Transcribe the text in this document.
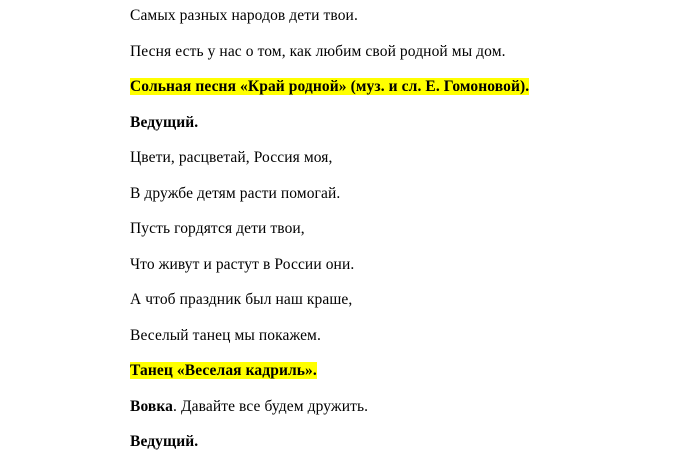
Самых разных народов дети твои.

Песня есть у нас о том, как любим свой родной мы дом.

Сольная песня «Край родной» (муз. и сл. Е. Гомоновой).

Ведущий.

Цвети, расцветай, Россия моя,

В дружбе детям расти помогай.

Пусть гордятся дети твои,

Что живут и растут в России они.

А чтоб праздник был наш краше,

Веселый танец мы покажем.

Танец «Веселая кадриль».

Вовка. Давайте все будем дружить.

Ведущий.
